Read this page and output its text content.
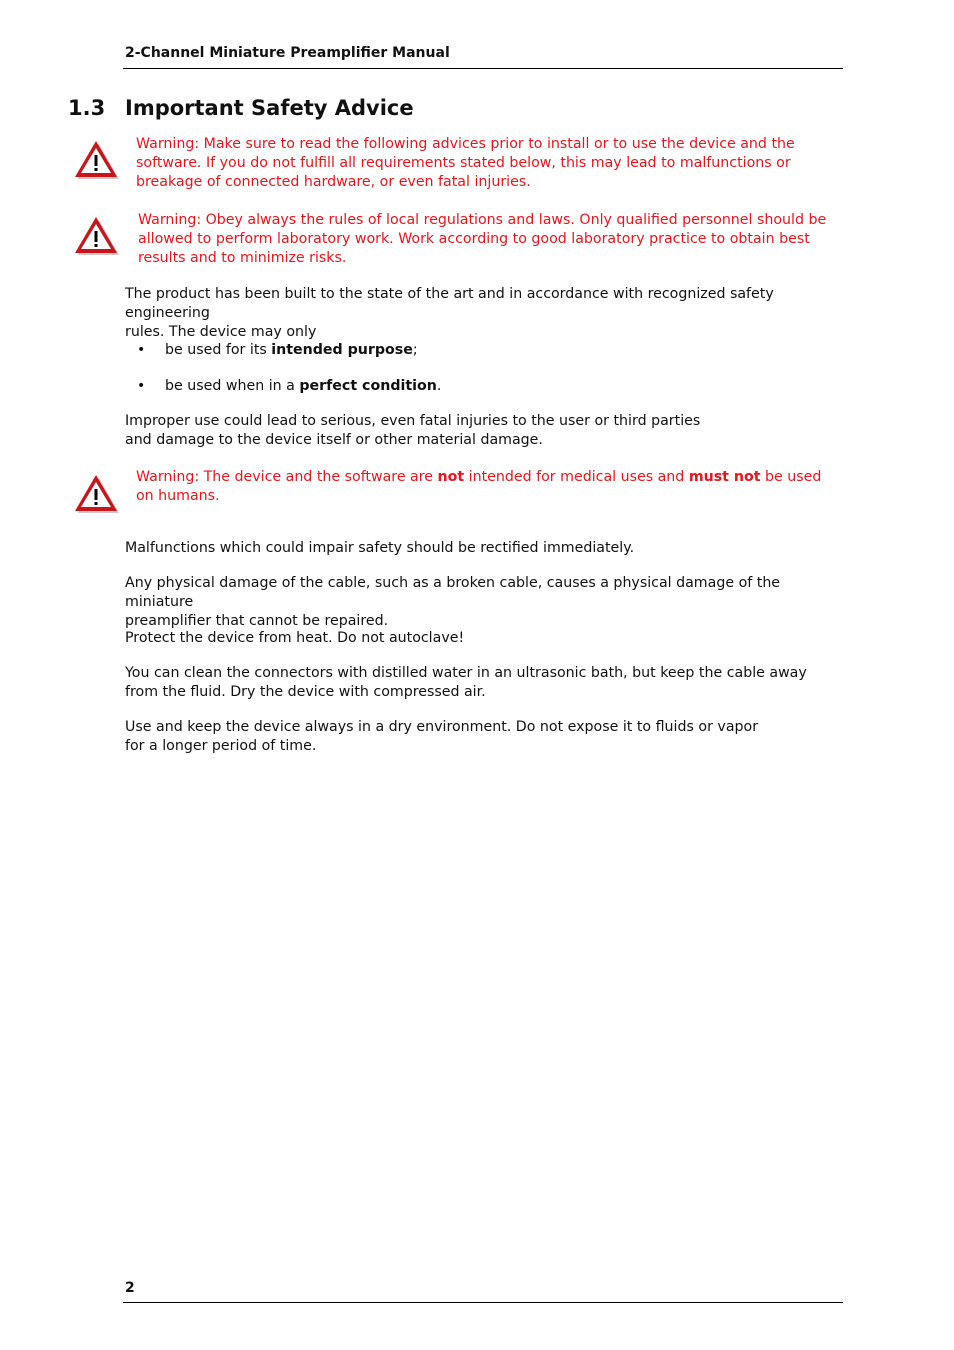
2-Channel Miniature Preamplifier Manual
1.3 Important Safety Advice
Warning: Make sure to read the following advices prior to install or to use the device and the
software. If you do not fulfill all requirements stated below, this may lead to malfunctions or
breakage of connected hardware, or even fatal injuries.
Warning: Obey always the rules of local regulations and laws. Only qualified personnel should be
allowed to perform laboratory work. Work according to good laboratory practice to obtain best
results and to minimize risks.
The product has been built to the state of the art and in accordance with recognized safety engineering
rules. The device may only
• be used for its intended purpose;
• be used when in a perfect condition.
Improper use could lead to serious, even fatal injuries to the user or third parties
and damage to the device itself or other material damage.
Warning: The device and the software are not intended for medical uses and must not be used
on humans.
Malfunctions which could impair safety should be rectified immediately.
Any physical damage of the cable, such as a broken cable, causes a physical damage of the miniature
preamplifier that cannot be repaired.
Protect the device from heat. Do not autoclave!
You can clean the connectors with distilled water in an ultrasonic bath, but keep the cable away
from the fluid. Dry the device with compressed air.
Use and keep the device always in a dry environment. Do not expose it to fluids or vapor
for a longer period of time.
2
